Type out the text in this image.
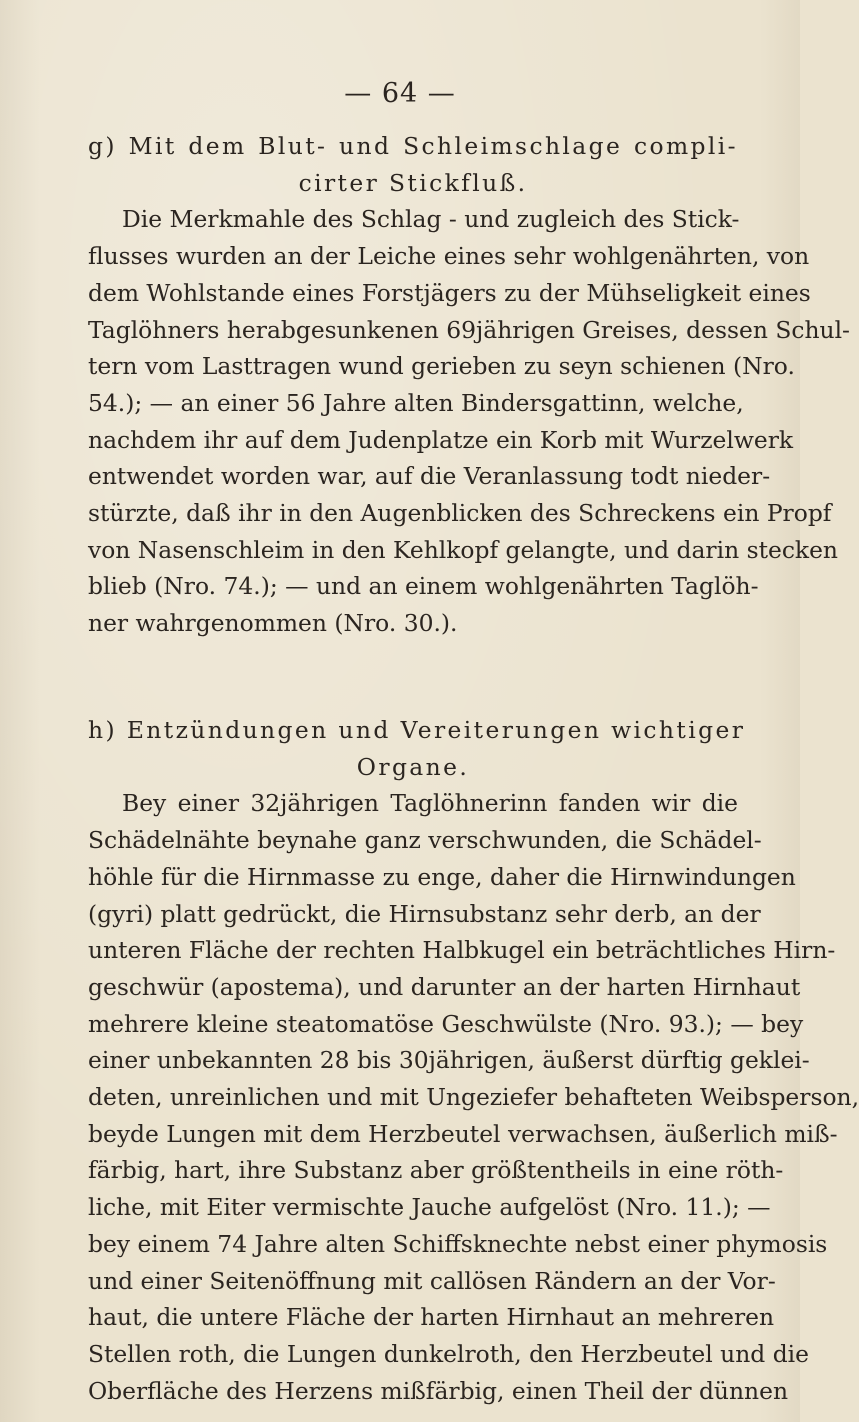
— 64 —
g) Mit dem Blut- und Schleimschlage compli-
cirter Stickfluß.
Die Merkmahle des Schlag - und zugleich des Stick-
flusses wurden an der Leiche eines sehr wohlgenährten, von
dem Wohlstande eines Forstjägers zu der Mühseligkeit eines
Taglöhners herabgesunkenen 69jährigen Greises, dessen Schul-
tern vom Lasttragen wund gerieben zu seyn schienen (Nro.
54.); — an einer 56 Jahre alten Bindersgattinn, welche,
nachdem ihr auf dem Judenplatze ein Korb mit Wurzelwerk
entwendet worden war, auf die Veranlassung todt nieder-
stürzte, daß ihr in den Augenblicken des Schreckens ein Propf
von Nasenschleim in den Kehlkopf gelangte, und darin stecken
blieb (Nro. 74.); — und an einem wohlgenährten Taglöh-
ner wahrgenommen (Nro. 30.).
h) Entzündungen und Vereiterungen wichtiger
Organe.
Bey einer 32jährigen Taglöhnerinn fanden wir die
Schädelnähte beynahe ganz verschwunden, die Schädel-
höhle für die Hirnmasse zu enge, daher die Hirnwindungen
(gyri) platt gedrückt, die Hirnsubstanz sehr derb, an der
unteren Fläche der rechten Halbkugel ein beträchtliches Hirn-
geschwür (apostema), und darunter an der harten Hirnhaut
mehrere kleine steatomatöse Geschwülste (Nro. 93.); — bey
einer unbekannten 28 bis 30jährigen, äußerst dürftig geklei-
deten, unreinlichen und mit Ungeziefer behafteten Weibsperson,
beyde Lungen mit dem Herzbeutel verwachsen, äußerlich miß-
färbig, hart, ihre Substanz aber größtentheils in eine röth-
liche, mit Eiter vermischte Jauche aufgelöst (Nro. 11.); —
bey einem 74 Jahre alten Schiffsknechte nebst einer phymosis
und einer Seitenöffnung mit callösen Rändern an der Vor-
haut, die untere Fläche der harten Hirnhaut an mehreren
Stellen roth, die Lungen dunkelroth, den Herzbeutel und die
Oberfläche des Herzens mißfärbig, einen Theil der dünnen
